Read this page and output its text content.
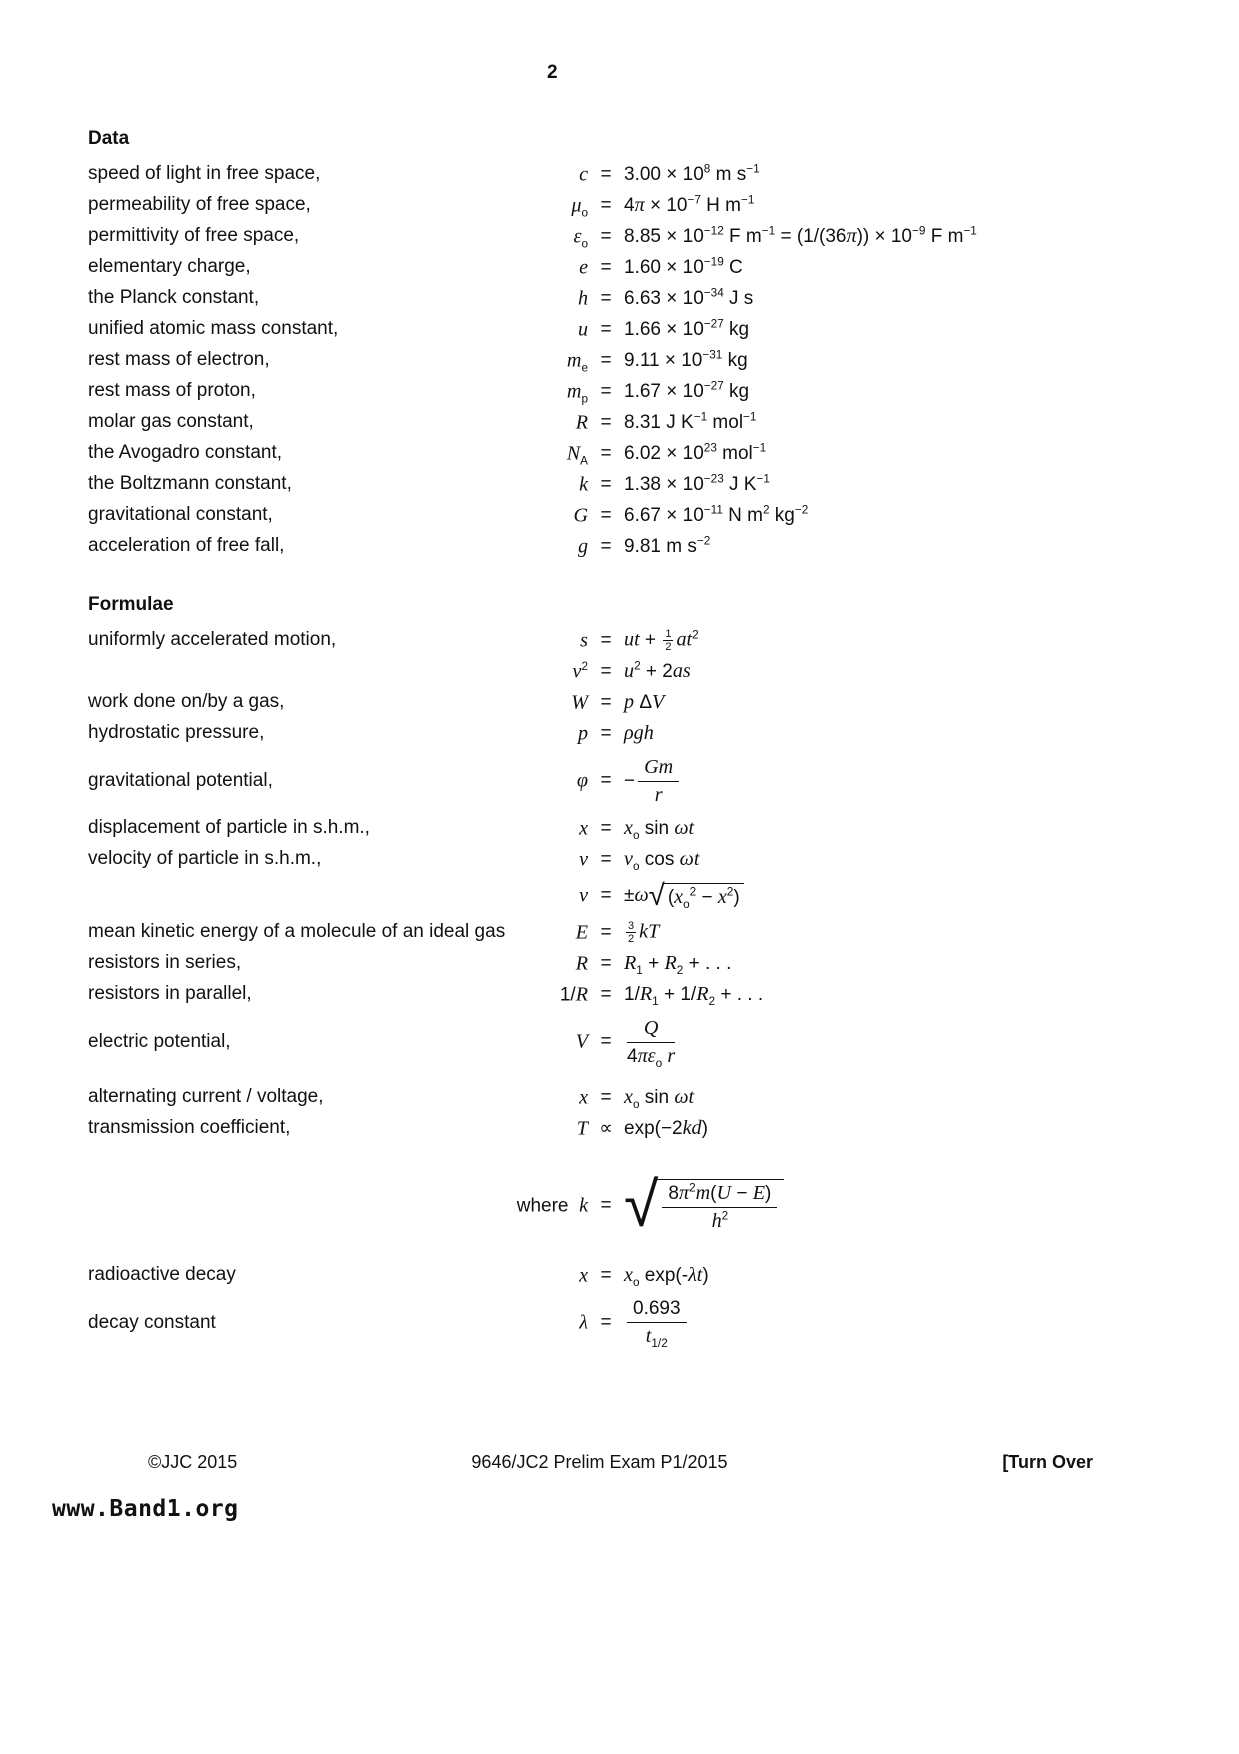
2
Data
speed of light in free space,	$c = 3.00 \times 10^8$ m $s^{-1}$
permeability of free space,	$\mu_o = 4\pi \times 10^{-7}$ H $m^{-1}$
permittivity of free space,	$\varepsilon_o = 8.85 \times 10^{-12}$ F $m^{-1} = (1/(36\pi)) \times 10^{-9}$ F $m^{-1}$
elementary charge,	$e = 1.60 \times 10^{-19}$ C
the Planck constant,	$h = 6.63 \times 10^{-34}$ J s
unified atomic mass constant,	$u = 1.66 \times 10^{-27}$ kg
rest mass of electron,	$m_e = 9.11 \times 10^{-31}$ kg
rest mass of proton,	$m_p = 1.67 \times 10^{-27}$ kg
molar gas constant,	R = 8.31 J $K^{-1}$ mol$^{-1}$
the Avogadro constant,	$N_A = 6.02 \times 10^{23}$ mol$^{-1}$
the Boltzmann constant,	$k = 1.38 \times 10^{-23}$ J $K^{-1}$
gravitational constant,	$G = 6.67 \times 10^{-11}$ N $m^2$ $kg^{-2}$
acceleration of free fall,	g = 9.81 m $s^{-2}$
Formulae
uniformly accelerated motion,	s = ut + $\frac{1}{2} at^2$
$v^2 = u^2 + 2as$
work done on/by a gas,	W = p ΔV
hydrostatic pressure,	p = ρgh
gravitational potential,	φ = − $\frac{Gm}{r}$
displacement of particle in s.h.m.,	$x = x_o$ sin ωt
velocity of particle in s.h.m.,	$v = v_o$ cos ωt
v = ±ω √ $(x_o^2 - x^2)$
mean kinetic energy of a molecule of an ideal gas	E =	$\frac{3}{2}$ kT
resistors in series,	$R = R_1 + R_2$ + . . .
resistors in parallel,	$1/R = 1/R_1 + 1/R_2$ + . . .
electric potential,	$V = \frac{Q}{4\pi\varepsilon_o r}$
alternating current / voltage,	$x = x_o$ sin ωt
transmission coefficient,	T ∝ exp(−2kd)
where  k = √ $\frac{8\pi^2m(U - E)}{h^2}$
radioactive decay	$x = x_o$ exp(-λt)
decay constant	$\lambda = \frac{0.693}{t_{1/2}}$
©JJC 2015	9646/JC2 Prelim Exam P1/2015	[Turn Over
www.Band1.org
